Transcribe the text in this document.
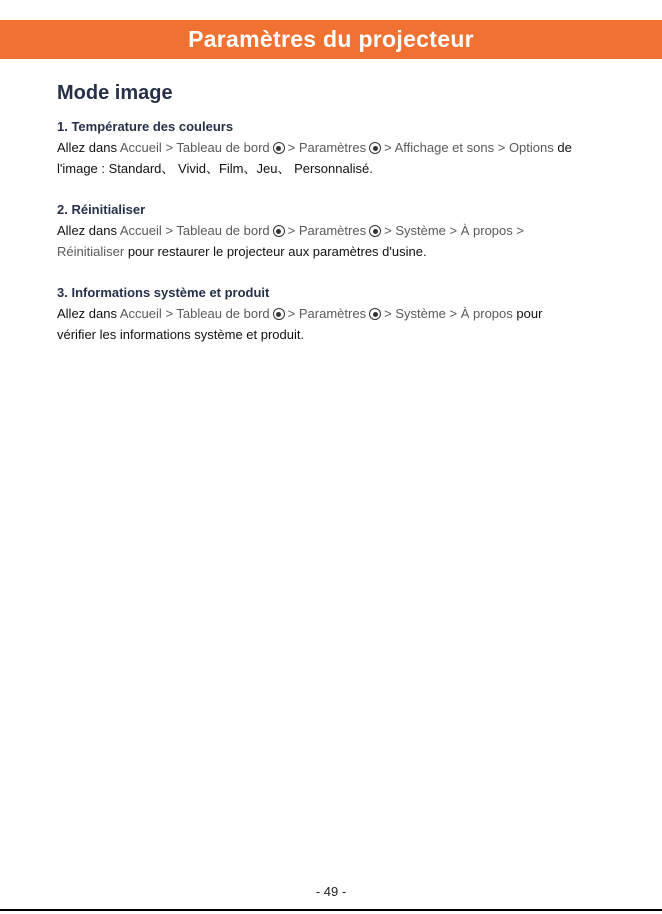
Paramètres du projecteur
Mode image
1. Température des couleurs
Allez dans Accueil > Tableau de bord > Paramètres > Affichage et sons > Options de
l'image : Standard、 Vivid、Film、Jeu、 Personnalisé.
2. Réinitialiser
Allez dans Accueil > Tableau de bord > Paramètres > Système > À propos >
Réinitialiser pour restaurer le projecteur aux paramètres d'usine.
3. Informations système et produit
Allez dans Accueil > Tableau de bord > Paramètres > Système > À propos pour
vérifier les informations système et produit.
- 49 -
